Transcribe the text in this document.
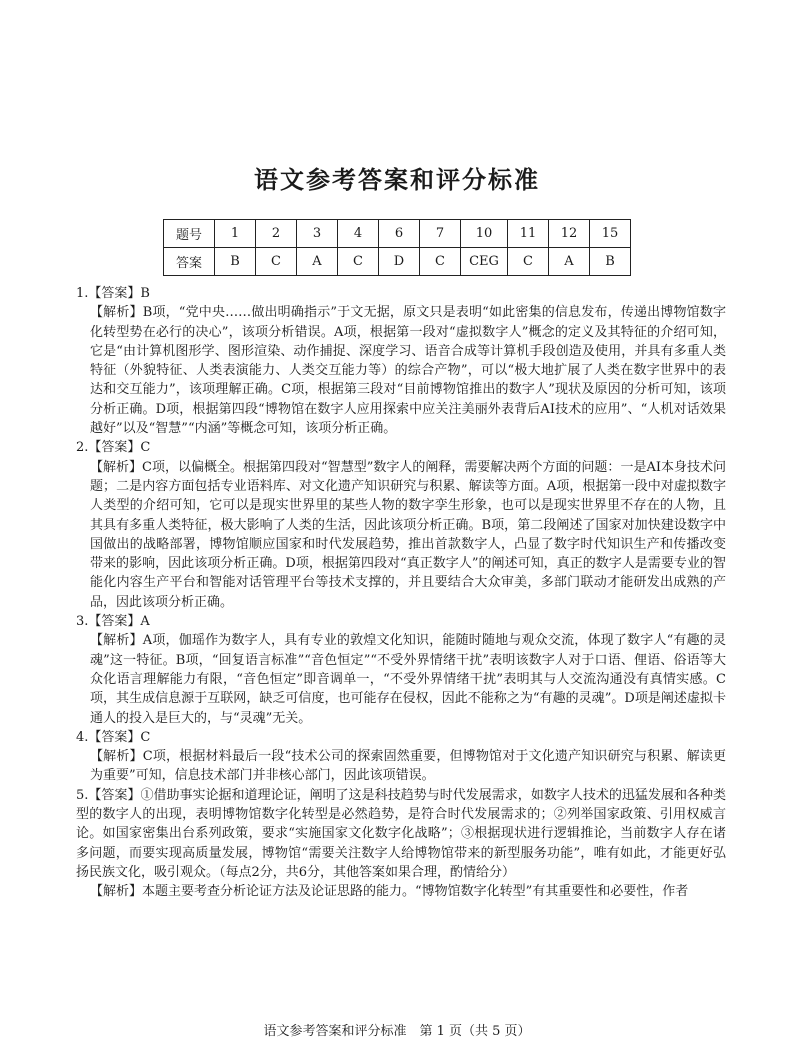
语文参考答案和评分标准
题号	1	2	3	4	6	7	10	11	12	15
答案	B	C	A	C	D	C	CEG	C	A	B
1.【答案】B
【解析】B项，“党中央……做出明确指示”于文无据，原文只是表明“如此密集的信息发布，传递出博物馆数字化转型势在必行的决心”，该项分析错误。A项，根据第一段对“虚拟数字人”概念的定义及其特征的介绍可知，它是“由计算机图形学、图形渲染、动作捕捉、深度学习、语音合成等计算机手段创造及使用，并具有多重人类特征（外貌特征、人类表演能力、人类交互能力等）的综合产物”，可以“极大地扩展了人类在数字世界中的表达和交互能力”，该项理解正确。C项，根据第三段对“目前博物馆推出的数字人”现状及原因的分析可知，该项分析正确。D项，根据第四段“博物馆在数字人应用探索中应关注美丽外表背后AI技术的应用”、“人机对话效果越好”以及“智慧”“内涵”等概念可知，该项分析正确。
2.【答案】C
【解析】C项，以偏概全。根据第四段对“智慧型”数字人的阐释，需要解决两个方面的问题：一是AI本身技术问题；二是内容方面包括专业语料库、对文化遗产知识研究与积累、解读等方面。A项，根据第一段中对虚拟数字人类型的介绍可知，它可以是现实世界里的某些人物的数字孪生形象，也可以是现实世界里不存在的人物，且其具有多重人类特征，极大影响了人类的生活，因此该项分析正确。B项，第二段阐述了国家对加快建设数字中国做出的战略部署，博物馆顺应国家和时代发展趋势，推出首款数字人，凸显了数字时代知识生产和传播改变带来的影响，因此该项分析正确。D项，根据第四段对“真正数字人”的阐述可知，真正的数字人是需要专业的智能化内容生产平台和智能对话管理平台等技术支撑的，并且要结合大众审美，多部门联动才能研发出成熟的产品，因此该项分析正确。
3.【答案】A
【解析】A项，伽瑶作为数字人，具有专业的敦煌文化知识，能随时随地与观众交流，体现了数字人“有趣的灵魂”这一特征。B项，“回复语言标准”“音色恒定”“不受外界情绪干扰”表明该数字人对于口语、俚语、俗语等大众化语言理解能力有限，“音色恒定”即音调单一，“不受外界情绪干扰”表明其与人交流沟通没有真情实感。C项，其生成信息源于互联网，缺乏可信度，也可能存在侵权，因此不能称之为“有趣的灵魂”。D项是阐述虚拟卡通人的投入是巨大的，与“灵魂”无关。
4.【答案】C
【解析】C项，根据材料最后一段“技术公司的探索固然重要，但博物馆对于文化遗产知识研究与积累、解读更为重要”可知，信息技术部门并非核心部门，因此该项错误。
5.【答案】①借助事实论据和道理论证，阐明了这是科技趋势与时代发展需求，如数字人技术的迅猛发展和各种类型的数字人的出现，表明博物馆数字化转型是必然趋势，是符合时代发展需求的；②列举国家政策、引用权威言论。如国家密集出台系列政策，要求“实施国家文化数字化战略”；③根据现状进行逻辑推论，当前数字人存在诸多问题，而要实现高质量发展，博物馆“需要关注数字人给博物馆带来的新型服务功能”，唯有如此，才能更好弘扬民族文化，吸引观众。（每点2分，共6分，其他答案如果合理，酌情给分）
【解析】本题主要考查分析论证方法及论证思路的能力。“博物馆数字化转型”有其重要性和必要性，作者
语文参考答案和评分标准　第 1 页（共 5 页）
